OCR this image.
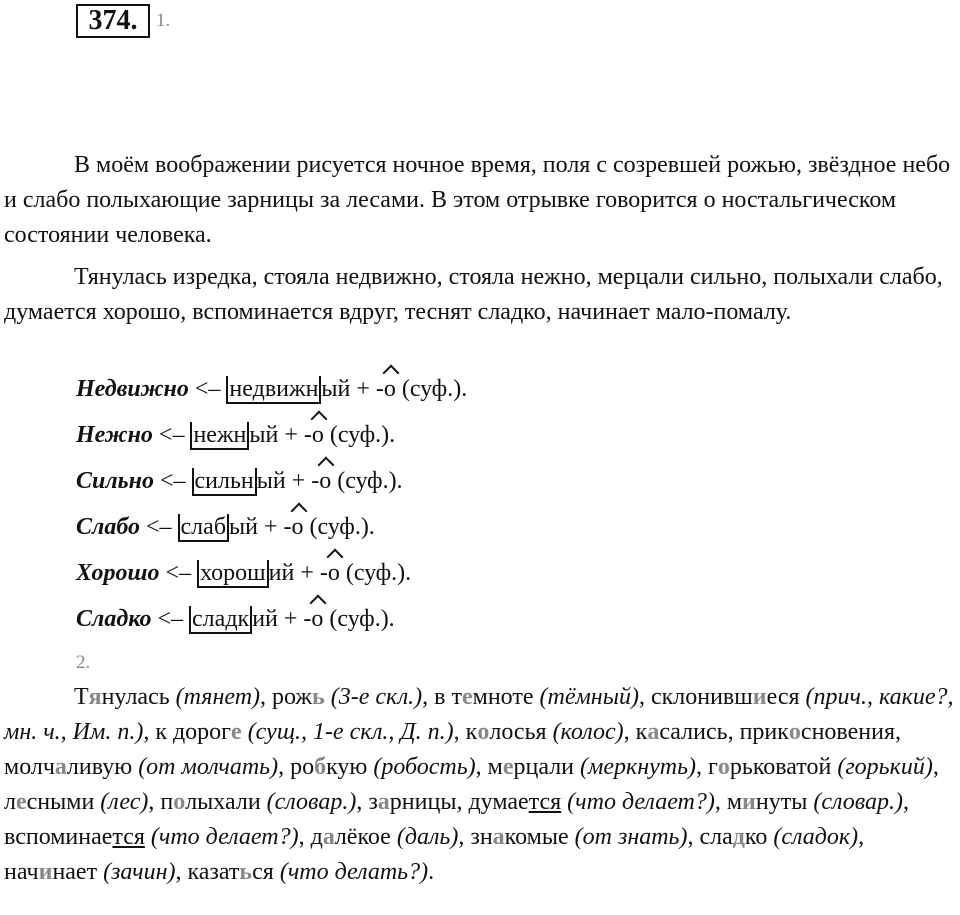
374. 1.

В моём воображении рисуется ночное время, поля с созревшей рожью, звёздное небо и слабо полыхающие зарницы за лесами. В этом отрывке говорится о ностальгическом состоянии человека.

Тянулась изредка, стояла недвижно, стояла нежно, мерцали сильно, полыхали слабо, думается хорошо, вспоминается вдруг, теснят сладко, начинает мало-помалу.

Недвижно <– недвижн ый + -о (суф.).
Нежно <– нежн ый + -о (суф.).
Сильно <– сильн ый + -о (суф.).
Слабо <– слаб ый + -о (суф.).
Хорошо <– хорош ий + -о (суф.).
Сладко <– сладк ий + -о (суф.).
2.

Тянулась (тянет), рожь (3-е скл.), в темноте (тёмный), склонившиеся (прич., какие?, мн. ч., Им. п.), к дороге (сущ., 1-е скл., Д. п.), колосья (колос), касались, прикосновения, молчаливую (от молчать), робкую (робость), мерцали (меркнуть), горьковатой (горький), лесными (лес), полыхали (словар.), зарницы, думается (что делает?), минуты (словар.), вспоминается (что делает?), далёкое (даль), знакомые (от знать), сладко (сладок), начинает (зачин), казаться (что делать?).
